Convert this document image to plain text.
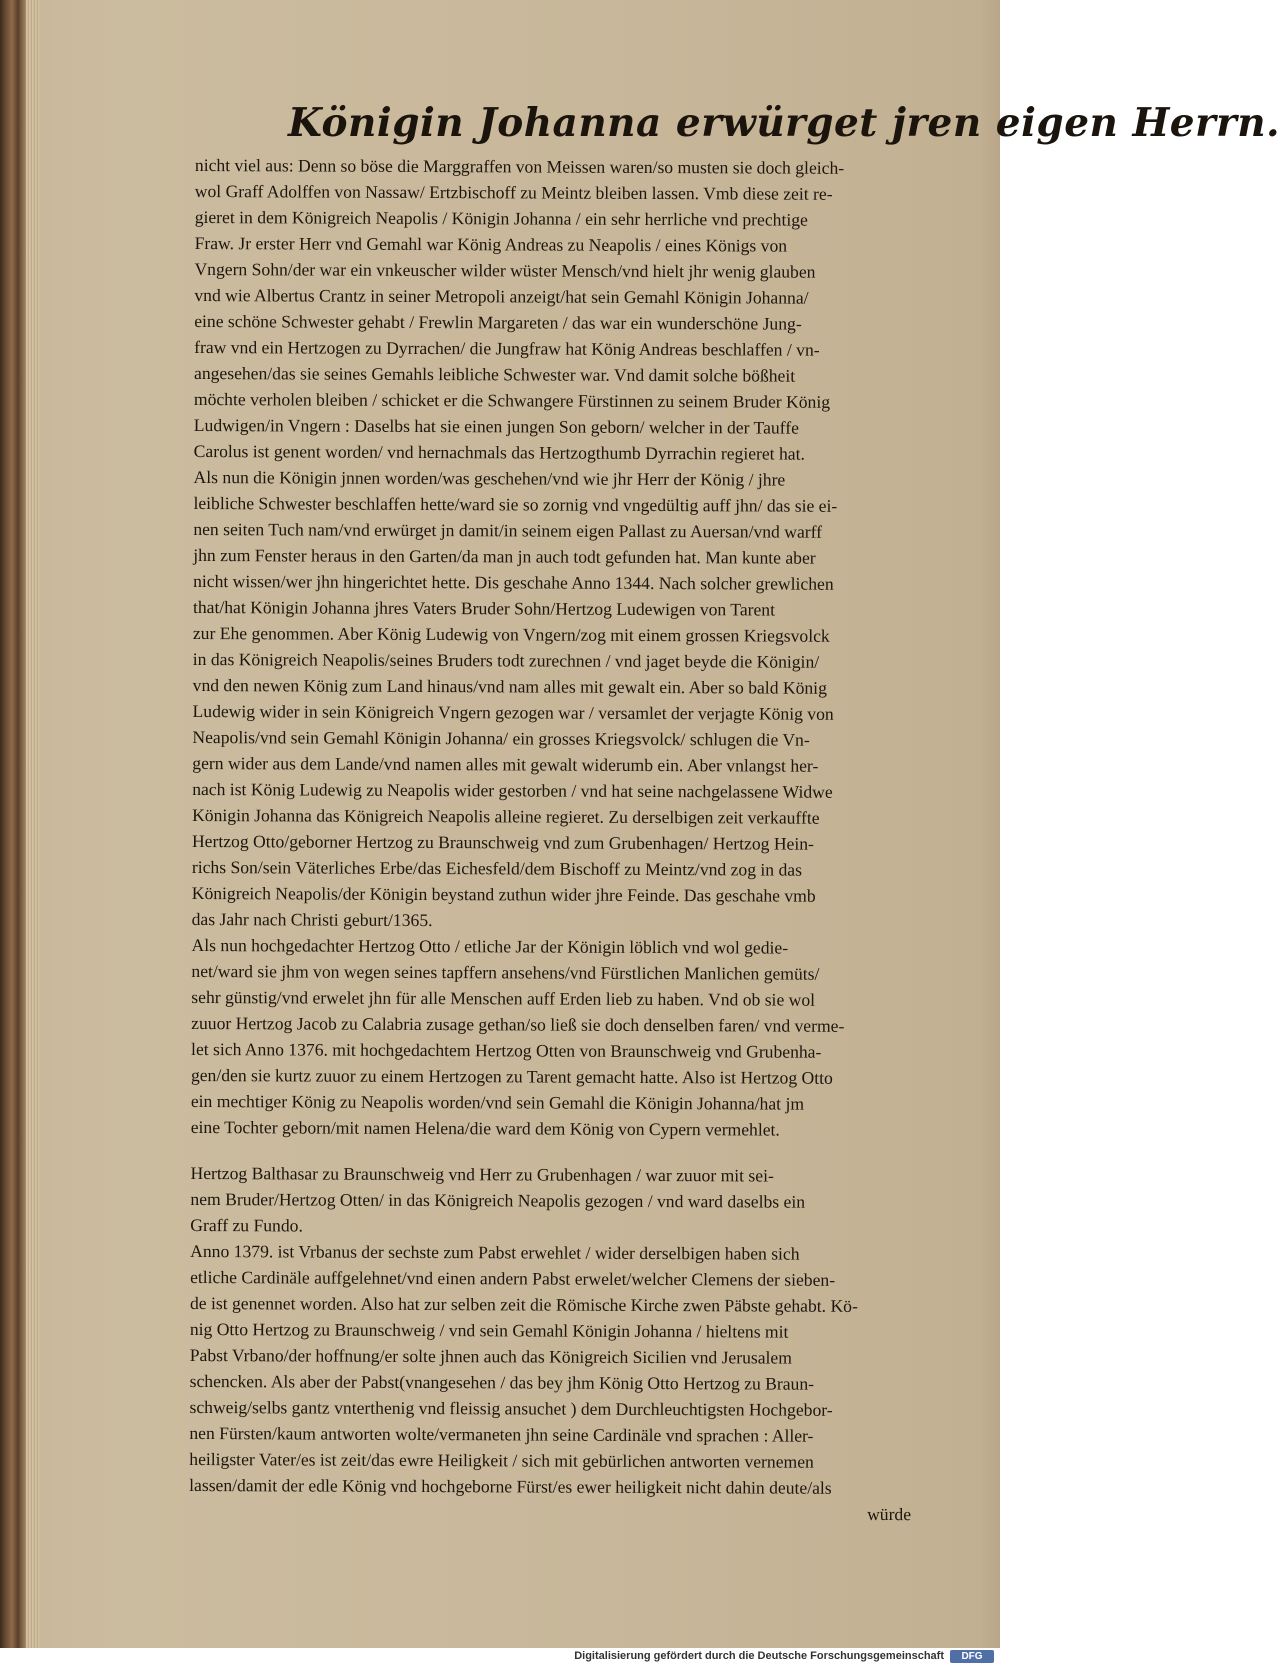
Königin Johanna erwürget jren eigen Herrn.
nicht viel aus: Denn so böse die Marggraffen von Meissen waren/so musten sie doch gleich-
wol Graff Adolffen von Nassaw/ Ertzbischoff zu Meintz bleiben lassen. Vmb diese zeit re-
gieret in dem Königreich Neapolis / Königin Johanna / ein sehr herrliche vnd prechtige
Fraw. Jr erster Herr vnd Gemahl war König Andreas zu Neapolis / eines Königs von
Vngern Sohn/der war ein vnkeuscher wilder wüster Mensch/vnd hielt jhr wenig glauben
vnd wie Albertus Crantz in seiner Metropoli anzeigt/hat sein Gemahl Königin Johanna/
eine schöne Schwester gehabt / Frewlin Margareten / das war ein wunderschöne Jung-
fraw vnd ein Hertzogen zu Dyrrachen/ die Jungfraw hat König Andreas beschlaffen / vn-
angesehen/das sie seines Gemahls leibliche Schwester war. Vnd damit solche bößheit
möchte verholen bleiben / schicket er die Schwangere Fürstinnen zu seinem Bruder König
Ludwigen/in Vngern : Daselbs hat sie einen jungen Son geborn/ welcher in der Tauffe
Carolus ist genent worden/ vnd hernachmals das Hertzogthumb Dyrrachin regieret hat.
Als nun die Königin jnnen worden/was geschehen/vnd wie jhr Herr der König / jhre
leibliche Schwester beschlaffen hette/ward sie so zornig vnd vngedültig auff jhn/ das sie ei-
nen seiten Tuch nam/vnd erwürget jn damit/in seinem eigen Pallast zu Auersan/vnd warff
jhn zum Fenster heraus in den Garten/da man jn auch todt gefunden hat. Man kunte aber
nicht wissen/wer jhn hingerichtet hette. Dis geschahe Anno 1344. Nach solcher grewlichen
that/hat Königin Johanna jhres Vaters Bruder Sohn/Hertzog Ludewigen von Tarent
zur Ehe genommen. Aber König Ludewig von Vngern/zog mit einem grossen Kriegsvolck
in das Königreich Neapolis/seines Bruders todt zurechnen / vnd jaget beyde die Königin/
vnd den newen König zum Land hinaus/vnd nam alles mit gewalt ein. Aber so bald König
Ludewig wider in sein Königreich Vngern gezogen war / versamlet der verjagte König von
Neapolis/vnd sein Gemahl Königin Johanna/ ein grosses Kriegsvolck/ schlugen die Vn-
gern wider aus dem Lande/vnd namen alles mit gewalt widerumb ein. Aber vnlangst her-
nach ist König Ludewig zu Neapolis wider gestorben / vnd hat seine nachgelassene Widwe
Königin Johanna das Königreich Neapolis alleine regieret. Zu derselbigen zeit verkauffte
Hertzog Otto/geborner Hertzog zu Braunschweig vnd zum Grubenhagen/ Hertzog Hein-
richs Son/sein Väterliches Erbe/das Eichesfeld/dem Bischoff zu Meintz/vnd zog in das
Königreich Neapolis/der Königin beystand zuthun wider jhre Feinde. Das geschahe vmb
das Jahr nach Christi geburt/1365.
Als nun hochgedachter Hertzog Otto / etliche Jar der Königin löblich vnd wol gedie-
net/ward sie jhm von wegen seines tapffern ansehens/vnd Fürstlichen Manlichen gemüts/
sehr günstig/vnd erwelet jhn für alle Menschen auff Erden lieb zu haben. Vnd ob sie wol
zuuor Hertzog Jacob zu Calabria zusage gethan/so ließ sie doch denselben faren/ vnd verme-
let sich Anno 1376. mit hochgedachtem Hertzog Otten von Braunschweig vnd Grubenha-
gen/den sie kurtz zuuor zu einem Hertzogen zu Tarent gemacht hatte. Also ist Hertzog Otto
ein mechtiger König zu Neapolis worden/vnd sein Gemahl die Königin Johanna/hat jm
eine Tochter geborn/mit namen Helena/die ward dem König von Cypern vermehlet.
Hertzog Balthasar zu Braunschweig vnd Herr zu Grubenhagen / war zuuor mit sei-
nem Bruder/Hertzog Otten/ in das Königreich Neapolis gezogen / vnd ward daselbs ein
Graff zu Fundo.
Anno 1379. ist Vrbanus der sechste zum Pabst erwehlet / wider derselbigen haben sich
etliche Cardinäle auffgelehnet/vnd einen andern Pabst erwelet/welcher Clemens der sieben-
de ist genennet worden. Also hat zur selben zeit die Römische Kirche zwen Päbste gehabt. Kö-
nig Otto Hertzog zu Braunschweig / vnd sein Gemahl Königin Johanna / hieltens mit
Pabst Vrbano/der hoffnung/er solte jhnen auch das Königreich Sicilien vnd Jerusalem
schencken. Als aber der Pabst(vnangesehen / das bey jhm König Otto Hertzog zu Braun-
schweig/selbs gantz vnterthenig vnd fleissig ansuchet ) dem Durchleuchtigsten Hochgebor-
nen Fürsten/kaum antworten wolte/vermaneten jhn seine Cardinäle vnd sprachen : Aller-
heiligster Vater/es ist zeit/das ewre Heiligkeit / sich mit gebürlichen antworten vernemen
lassen/damit der edle König vnd hochgeborne Fürst/es ewer heiligkeit nicht dahin deute/als
würde
Digitalisierung gefördert durch die Deutsche Forschungsgemeinschaft	DFG
